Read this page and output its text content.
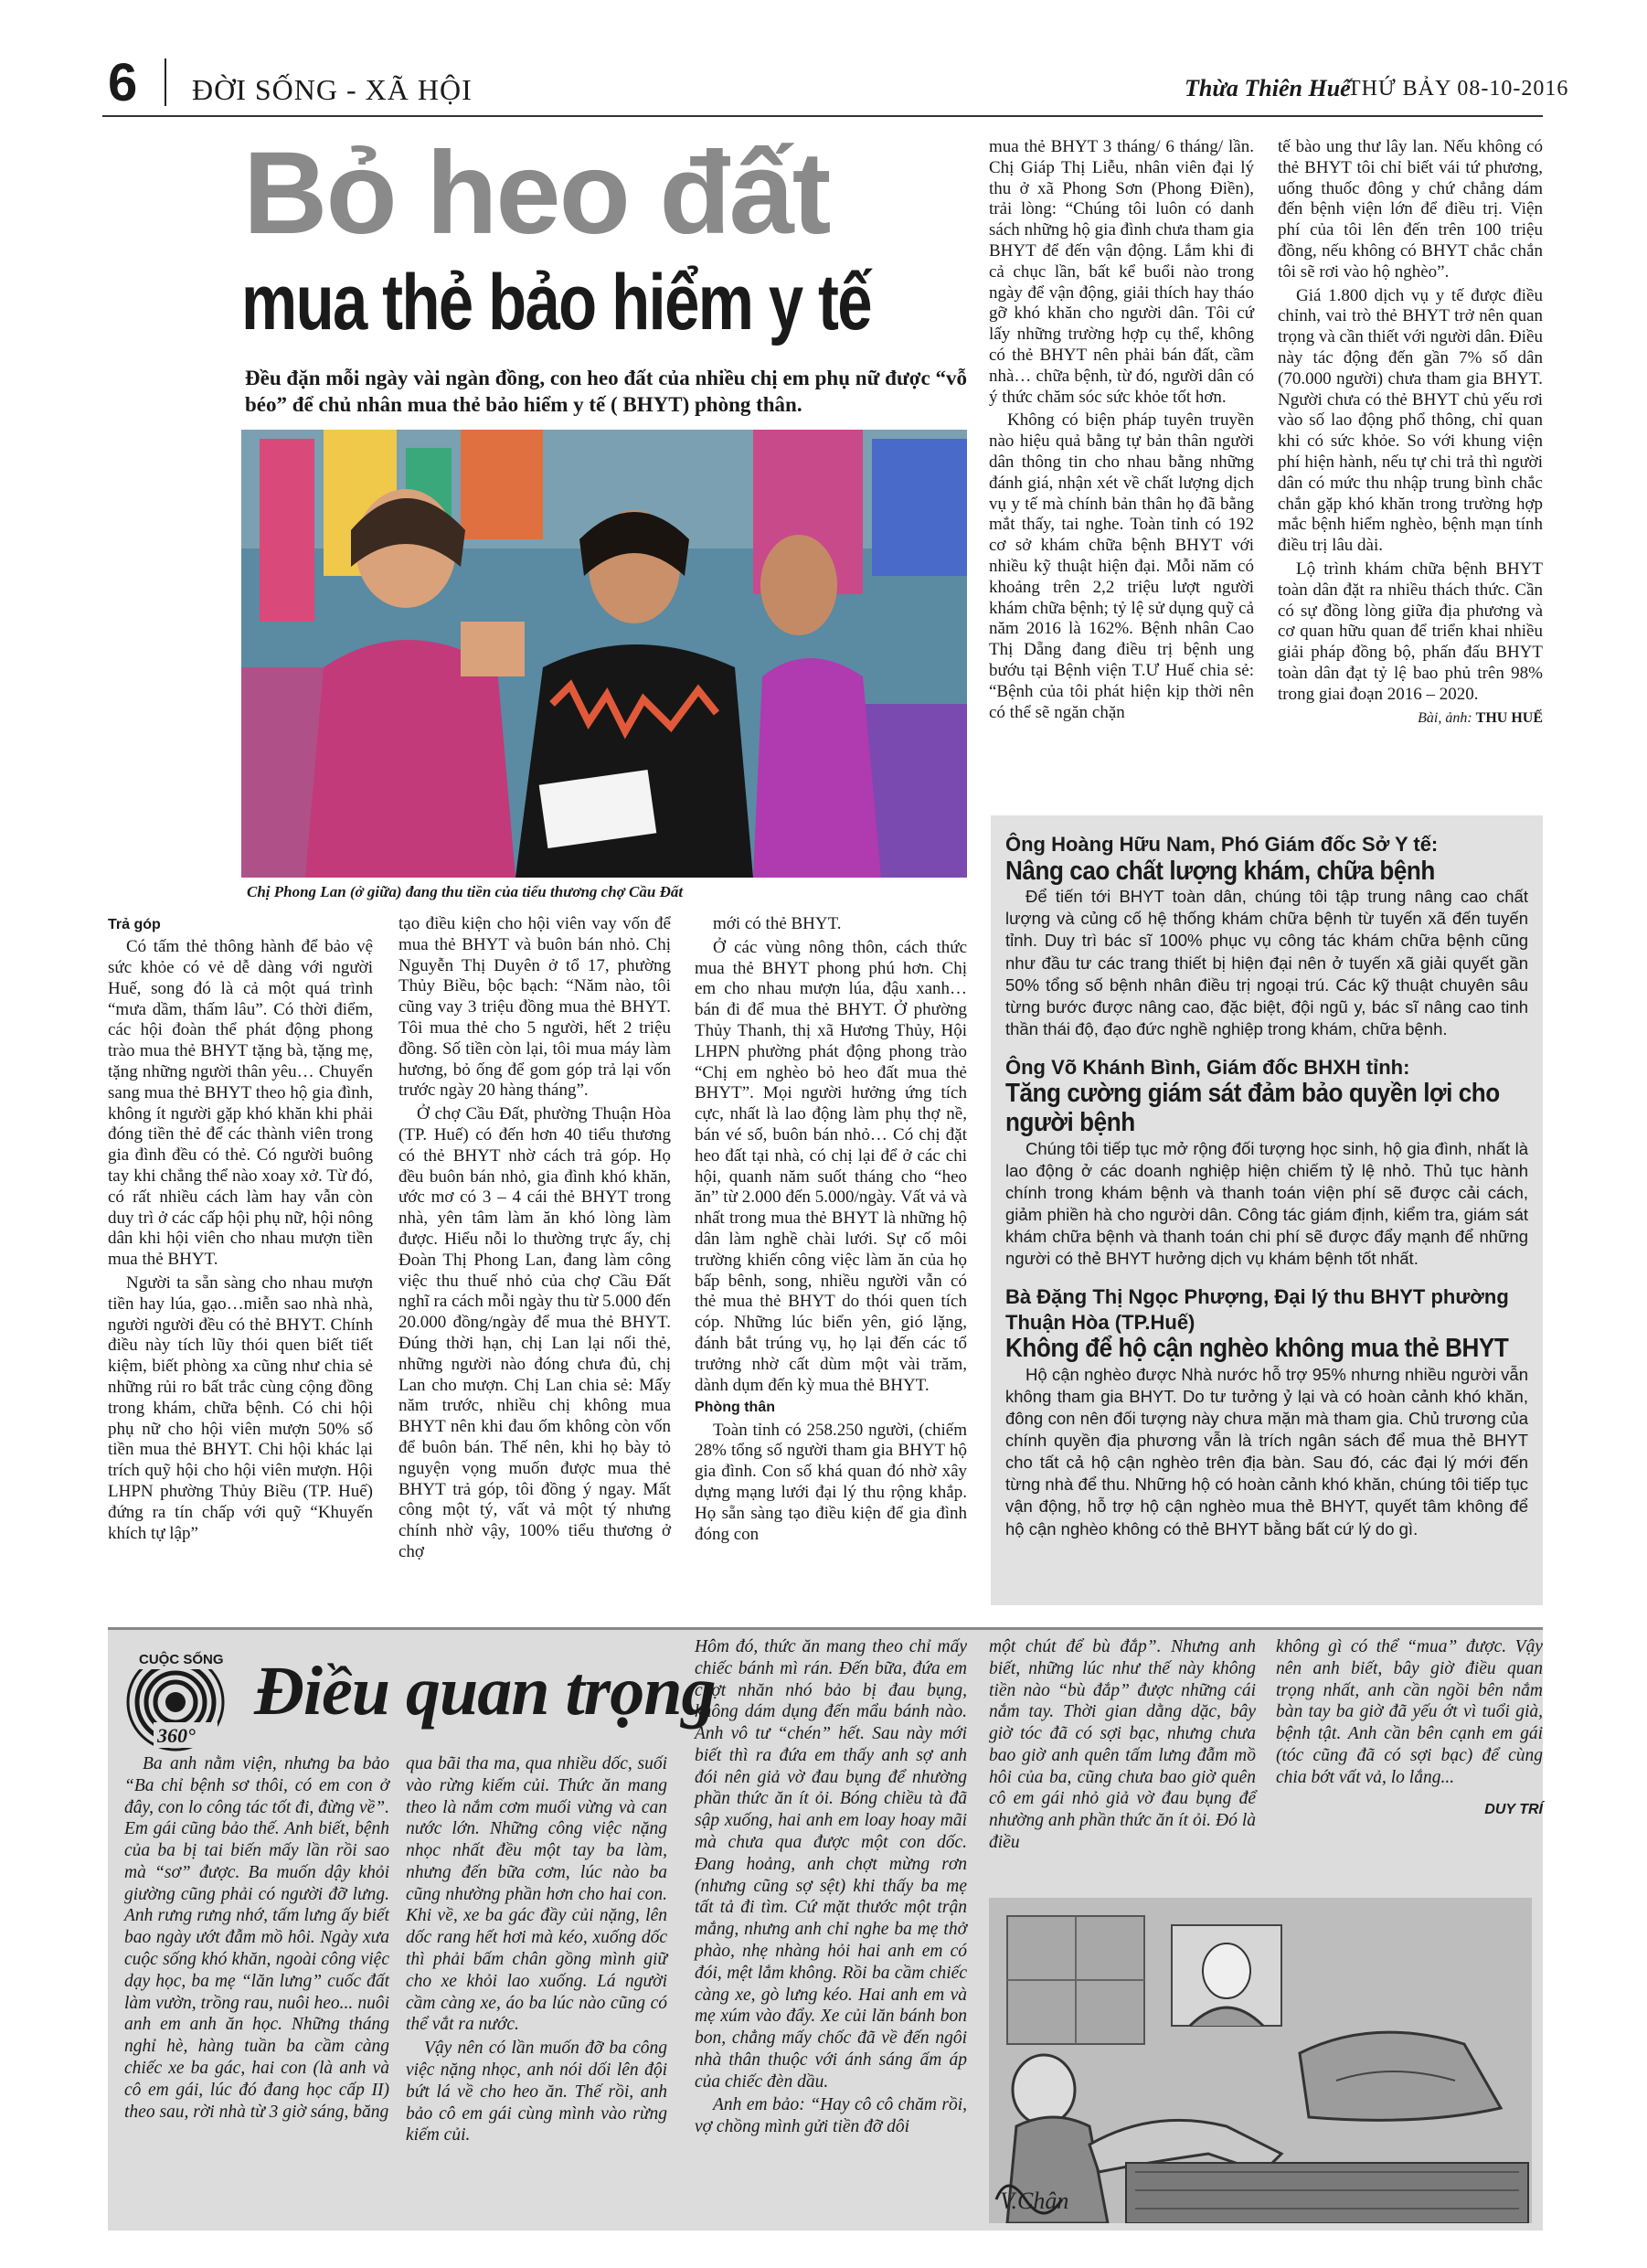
6 ĐỜI SỐNG - XÃ HỘI	Thừa Thiên Huế
THỨ BẢY 08-10-2016
Bỏ heo đất
mua thẻ bảo hiểm y tế
Đều đặn mỗi ngày vài ngàn đồng, con heo đất của nhiều chị em phụ nữ được “vỗ béo” để chủ nhân mua thẻ bảo hiểm y tế ( BHYT) phòng thân.
Chị Phong Lan (ở giữa) đang thu tiền của tiểu thương chợ Cầu Đất
Trả góp

Có tấm thẻ thông hành để bảo vệ sức khỏe có vẻ dễ dàng với người Huế, song đó là cả một quá trình “mưa dầm, thấm lâu”. Có thời điểm, các hội đoàn thể phát động phong trào mua thẻ BHYT tặng bà, tặng mẹ, tặng những người thân yêu… Chuyển sang mua thẻ BHYT theo hộ gia đình, không ít người gặp khó khăn khi phải đóng tiền thẻ để các thành viên trong gia đình đều có thẻ. Có người buông tay khi chẳng thể nào xoay xở. Từ đó, có rất nhiều cách làm hay vẫn còn duy trì ở các cấp hội phụ nữ, hội nông dân khi hội viên cho nhau mượn tiền mua thẻ BHYT.

Người ta sẵn sàng cho nhau mượn tiền hay lúa, gạo…miễn sao nhà nhà, người người đều có thẻ BHYT. Chính điều này tích lũy thói quen biết tiết kiệm, biết phòng xa cũng như chia sẻ những rủi ro bất trắc cùng cộng đồng trong khám, chữa bệnh. Có chi hội phụ nữ cho hội viên mượn 50% số tiền mua thẻ BHYT. Chi hội khác lại trích quỹ hội cho hội viên mượn. Hội LHPN phường Thủy Biều (TP. Huế) đứng ra tín chấp với quỹ “Khuyến khích tự lập”

tạo điều kiện cho hội viên vay vốn để mua thẻ BHYT và buôn bán nhỏ. Chị Nguyễn Thị Duyên ở tổ 17, phường Thủy Biều, bộc bạch: “Năm nào, tôi cũng vay 3 triệu đồng mua thẻ BHYT. Tôi mua thẻ cho 5 người, hết 2 triệu đồng. Số tiền còn lại, tôi mua máy làm hương, bỏ ống để gom góp trả lại vốn trước ngày 20 hàng tháng”.

Ở chợ Cầu Đất, phường Thuận Hòa (TP. Huế) có đến hơn 40 tiểu thương có thẻ BHYT nhờ cách trả góp. Họ đều buôn bán nhỏ, gia đình khó khăn, ước mơ có 3 – 4 cái thẻ BHYT trong nhà, yên tâm làm ăn khó lòng làm được. Hiểu nỗi lo thường trực ấy, chị Đoàn Thị Phong Lan, đang làm công việc thu thuế nhỏ của chợ Cầu Đất nghĩ ra cách mỗi ngày thu từ 5.000 đến 20.000 đồng/ngày để mua thẻ BHYT. Đúng thời hạn, chị Lan lại nối thẻ, những người nào đóng chưa đủ, chị Lan cho mượn. Chị Lan chia sẻ: Mấy năm trước, nhiều chị không mua BHYT nên khi đau ốm không còn vốn để buôn bán. Thế nên, khi họ bày tỏ nguyện vọng muốn được mua thẻ BHYT trả góp, tôi đồng ý ngay. Mất công một tý, vất vả một tý nhưng chính nhờ vậy, 100% tiểu thương ở chợ

mới có thẻ BHYT.

Ở các vùng nông thôn, cách thức mua thẻ BHYT phong phú hơn. Chị em cho nhau mượn lúa, đậu xanh… bán đi để mua thẻ BHYT. Ở phường Thủy Thanh, thị xã Hương Thủy, Hội LHPN phường phát động phong trào “Chị em nghèo bỏ heo đất mua thẻ BHYT”. Mọi người hưởng ứng tích cực, nhất là lao động làm phụ thợ nề, bán vé số, buôn bán nhỏ… Có chị đặt heo đất tại nhà, có chị lại để ở các chi hội, quanh năm suốt tháng cho “heo ăn” từ 2.000 đến 5.000/ngày. Vất vả và nhất trong mua thẻ BHYT là những hộ dân làm nghề chài lưới. Sự cố môi trường khiến công việc làm ăn của họ bấp bênh, song, nhiều người vẫn có thẻ mua thẻ BHYT do thói quen tích cóp. Những lúc biển yên, gió lặng, đánh bắt trúng vụ, họ lại đến các tổ trưởng nhờ cất dùm một vài trăm, dành dụm đến kỳ mua thẻ BHYT.

Phòng thân

Toàn tỉnh có 258.250 người, (chiếm 28% tổng số người tham gia BHYT hộ gia đình. Con số khá quan đó nhờ xây dựng mạng lưới đại lý thu rộng khắp. Họ sẵn sàng tạo điều kiện để gia đình đóng con

mua thẻ BHYT 3 tháng/ 6 tháng/ lần. Chị Giáp Thị Liễu, nhân viên đại lý thu ở xã Phong Sơn (Phong Điền), trải lòng: “Chúng tôi luôn có danh sách những hộ gia đình chưa tham gia BHYT để đến vận động. Lắm khi đi cả chục lần, bất kể buổi nào trong ngày để vận động, giải thích hay tháo gỡ khó khăn cho người dân. Tôi cứ lấy những trường hợp cụ thể, không có thẻ BHYT nên phải bán đất, cầm nhà… chữa bệnh, từ đó, người dân có ý thức chăm sóc sức khỏe tốt hơn.

Không có biện pháp tuyên truyền nào hiệu quả bằng tự bản thân người dân thông tin cho nhau bằng những đánh giá, nhận xét về chất lượng dịch vụ y tế mà chính bản thân họ đã bằng mắt thấy, tai nghe. Toàn tỉnh có 192 cơ sở khám chữa bệnh BHYT với nhiều kỹ thuật hiện đại. Mỗi năm có khoảng trên 2,2 triệu lượt người khám chữa bệnh; tỷ lệ sử dụng quỹ cả năm 2016 là 162%. Bệnh nhân Cao Thị Dẵng đang điều trị bệnh ung bướu tại Bệnh viện T.Ư Huế chia sẻ: “Bệnh của tôi phát hiện kịp thời nên có thể sẽ ngăn chặn

tế bào ung thư lây lan. Nếu không có thẻ BHYT tôi chỉ biết vái tứ phương, uống thuốc đông y chứ chẳng dám đến bệnh viện lớn để điều trị. Viện phí của tôi lên đến trên 100 triệu đồng, nếu không có BHYT chắc chắn tôi sẽ rơi vào hộ nghèo”.

Giá 1.800 dịch vụ y tế được điều chỉnh, vai trò thẻ BHYT trở nên quan trọng và cần thiết với người dân. Điều này tác động đến gần 7% số dân (70.000 người) chưa tham gia BHYT. Người chưa có thẻ BHYT chủ yếu rơi vào số lao động phổ thông, chỉ quan khi có sức khỏe. So với khung viện phí hiện hành, nếu tự chi trả thì người dân có mức thu nhập trung bình chắc chắn gặp khó khăn trong trường hợp mắc bệnh hiểm nghèo, bệnh mạn tính điều trị lâu dài.

Lộ trình khám chữa bệnh BHYT toàn dân đặt ra nhiều thách thức. Cần có sự đồng lòng giữa địa phương và cơ quan hữu quan để triển khai nhiều giải pháp đồng bộ, phấn đấu BHYT toàn dân đạt tỷ lệ bao phủ trên 98% trong giai đoạn 2016 – 2020.

Bài, ảnh: THU HUẾ
Ông Hoàng Hữu Nam, Phó Giám đốc Sở Y tế:
Nâng cao chất lượng khám, chữa bệnh
Để tiến tới BHYT toàn dân, chúng tôi tập trung nâng cao chất lượng và củng cố hệ thống khám chữa bệnh từ tuyến xã đến tuyến tỉnh. Duy trì bác sĩ 100% phục vụ công tác khám chữa bệnh cũng như đầu tư các trang thiết bị hiện đại nên ở tuyến xã giải quyết gần 50% tổng số bệnh nhân điều trị ngoại trú. Các kỹ thuật chuyên sâu từng bước được nâng cao, đặc biệt, đội ngũ y, bác sĩ nâng cao tinh thần thái độ, đạo đức nghề nghiệp trong khám, chữa bệnh.
Ông Võ Khánh Bình, Giám đốc BHXH tỉnh:
Tăng cường giám sát đảm bảo quyền lợi cho người bệnh
Chúng tôi tiếp tục mở rộng đối tượng học sinh, hộ gia đình, nhất là lao động ở các doanh nghiệp hiện chiếm tỷ lệ nhỏ. Thủ tục hành chính trong khám bệnh và thanh toán viện phí sẽ được cải cách, giảm phiền hà cho người dân. Công tác giám định, kiểm tra, giám sát khám chữa bệnh và thanh toán chi phí sẽ được đẩy mạnh để những người có thẻ BHYT hưởng dịch vụ khám bệnh tốt nhất.
Bà Đặng Thị Ngọc Phượng, Đại lý thu BHYT phường Thuận Hòa (TP.Huế)
Không để hộ cận nghèo không mua thẻ BHYT
Hộ cận nghèo được Nhà nước hỗ trợ 95% nhưng nhiều người vẫn không tham gia BHYT. Do tư tưởng ỷ lại và có hoàn cảnh khó khăn, đông con nên đối tượng này chưa mặn mà tham gia. Chủ trương của chính quyền địa phương vẫn là trích ngân sách để mua thẻ BHYT cho tất cả hộ cận nghèo trên địa bàn. Sau đó, các đại lý mới đến từng nhà để thu. Những hộ có hoàn cảnh khó khăn, chúng tôi tiếp tục vận động, hỗ trợ hộ cận nghèo mua thẻ BHYT, quyết tâm không để hộ cận nghèo không có thẻ BHYT bằng bất cứ lý do gì.
CUỘC SỐNG
360°
Điều quan trọng

Ba anh nằm viện, nhưng ba bảo “Ba chỉ bệnh sơ thôi, có em con ở đây, con lo công tác tốt đi, đừng về”. Em gái cũng bảo thế. Anh biết, bệnh của ba bị tai biến mấy lần rồi sao mà “sơ” được. Ba muốn dậy khỏi giường cũng phải có người đỡ lưng. Anh rưng rưng nhớ, tấm lưng ấy biết bao ngày ướt đẫm mồ hôi. Ngày xưa cuộc sống khó khăn, ngoài công việc dạy học, ba mẹ “lăn lưng” cuốc đất làm vườn, trồng rau, nuôi heo... nuôi anh em anh ăn học. Những tháng nghỉ hè, hàng tuần ba cầm càng chiếc xe ba gác, hai con (là anh và cô em gái, lúc đó đang học cấp II) theo sau, rời nhà từ 3 giờ sáng, băng

qua bãi tha ma, qua nhiều dốc, suối vào rừng kiếm củi. Thức ăn mang theo là nắm cơm muối vừng và can nước lớn. Những công việc nặng nhọc nhất đều một tay ba làm, nhưng đến bữa cơm, lúc nào ba cũng nhường phần hơn cho hai con. Khi về, xe ba gác đầy củi nặng, lên dốc rang hết hơi mà kéo, xuống dốc thì phải bấm chân gồng mình giữ cho xe khỏi lao xuống. Lá người cầm càng xe, áo ba lúc nào cũng có thể vắt ra nước.

Vậy nên có lần muốn đỡ ba công việc nặng nhọc, anh nói dối lên đội bứt lá về cho heo ăn. Thế rồi, anh bảo cô em gái cùng mình vào rừng kiếm củi.

Hôm đó, thức ăn mang theo chỉ mấy chiếc bánh mì rán. Đến bữa, đứa em chợt nhăn nhó bảo bị đau bụng, không dám dụng đến mẩu bánh nào. Anh vô tư “chén” hết. Sau này mới biết thì ra đứa em thấy anh sợ anh đói nên giả vờ đau bụng để nhường phần thức ăn ít ỏi. Bóng chiều tà đã sập xuống, hai anh em loay hoay mãi mà chưa qua được một con dốc. Đang hoảng, anh chợt mừng rơn (nhưng cũng sợ sệt) khi thấy ba mẹ tất tả đi tìm. Cứ mặt thước một trận mắng, nhưng anh chỉ nghe ba mẹ thở phào, nhẹ nhàng hỏi hai anh em có đói, mệt lắm không. Rồi ba cầm chiếc càng xe, gò lưng kéo. Hai anh em và mẹ xúm vào đẩy. Xe củi lăn bánh bon bon, chẳng mấy chốc đã về đến ngôi nhà thân thuộc với ánh sáng ấm áp của chiếc đèn dầu.

Anh em bảo: “Hay cô cô chăm rồi, vợ chồng mình gửi tiền đỡ dôi

một chút để bù đắp”. Nhưng anh biết, những lúc như thế này không tiền nào “bù đắp” được những cái nắm tay. Thời gian dằng dặc, bây giờ tóc đã có sợi bạc, nhưng chưa bao giờ anh quên tấm lưng đẫm mồ hôi của ba, cũng chưa bao giờ quên cô em gái nhỏ giả vờ đau bụng để nhường anh phần thức ăn ít ỏi. Đó là điều

không gì có thể “mua” được. Vậy nên anh biết, bây giờ điều quan trọng nhất, anh cần ngồi bên nắm bàn tay ba giờ đã yếu ớt vì tuổi già, bệnh tật. Anh cần bên cạnh em gái (tóc cũng đã có sợi bạc) để cùng chia bớt vất vả, lo lắng...

DUY TRÍ
V.Chân
